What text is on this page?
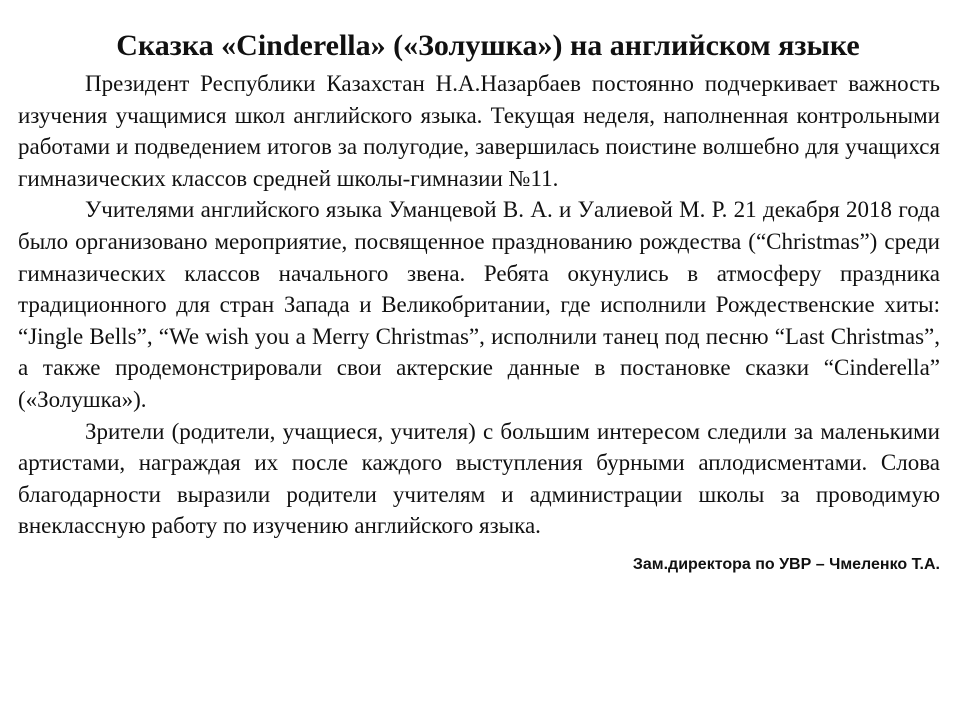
Сказка «Cinderella» («Золушка») на английском языке

Президент Республики Казахстан Н.А.Назарбаев постоянно подчеркивает важность изучения учащимися школ английского языка. Текущая неделя, наполненная контрольными работами и подведением итогов за полугодие, завершилась поистине волшебно для учащихся гимназических классов средней школы-гимназии №11.

Учителями английского языка Уманцевой В. А. и Уалиевой М. Р. 21 декабря 2018 года было организовано мероприятие, посвященное празднованию рождества (“Christmas”) среди гимназических классов начального звена. Ребята окунулись в атмосферу праздника традиционного для стран Запада и Великобритании, где исполнили Рождественские хиты: “Jingle Bells”, “We wish you a Merry Christmas”, исполнили танец под песню “Last Christmas”, а также продемонстрировали свои актерские данные в постановке сказки “Cinderella” («Золушка»).

Зрители (родители, учащиеся, учителя) с большим интересом следили за маленькими артистами, награждая их после каждого выступления бурными аплодисментами. Слова благодарности выразили родители учителям и администрации школы за проводимую внеклассную работу по изучению английского языка.

Зам.директора по УВР – Чмеленко Т.А.
